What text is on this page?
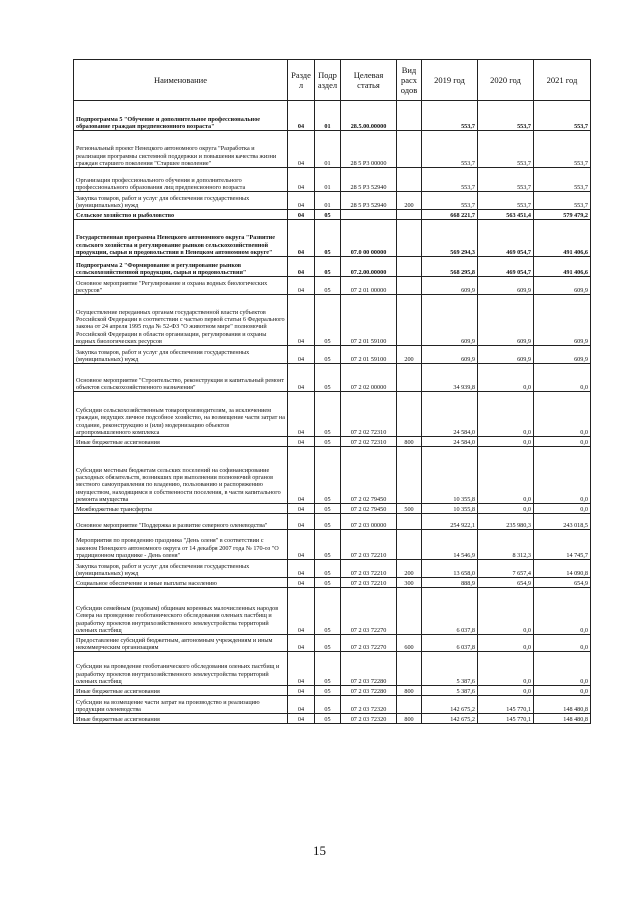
Наименование	Разде л	Подр аздел	Целевая статья	Вид расх одов	2019 год	2020 год	2021 год
Подпрограмма 5 "Обучение и дополнительное профессиональное образование граждан предпенсионного возраста"	04	01	28.5.00.00000		553,7	553,7	553,7
Региональный проект Ненецкого автономного округа "Разработка и реализация программы системной поддержки и повышения качества жизни граждан старшего поколения "Старшее поколение"	04	01	28 5 P3 00000		553,7	553,7	553,7
Организация профессионального обучения и дополнительного профессионального образования лиц предпенсионного возраста	04	01	28 5 P3 52940		553,7	553,7	553,7
Закупка товаров, работ и услуг для обеспечения государственных (муниципальных) нужд	04	01	28 5 P3 52940	200	553,7	553,7	553,7
Сельское хозяйство и рыболовство	04	05			668 221,7	563 451,4	579 479,2
Государственная программа Ненецкого автономного округа "Развитие сельского хозяйства и регулирование рынков сельскохозяйственной продукции, сырья и продовольствия в Ненецком автономном округе"	04	05	07.0 00 00000		569 294,3	469 054,7	491 406,6
Подпрограмма 2 "Формирование и регулирование рынков сельскохозяйственной продукции, сырья и продовольствия"	04	05	07.2.00.00000		568 295,8	469 054,7	491 406,6
Основное мероприятие "Регулирование и охрана водных биологических ресурсов"	04	05	07 2 01 00000		609,9	609,9	609,9
Осуществление переданных органам государственной власти субъектов Российской Федерации в соответствии с частью первой статьи 6 Федерального закона от 24 апреля 1995 года № 52-ФЗ "О животном мире" полномочий Российской Федерации в области организации, регулирования и охраны водных биологических ресурсов	04	05	07 2 01 59100		609,9	609,9	609,9
Закупка товаров, работ и услуг для обеспечения государственных (муниципальных) нужд	04	05	07 2 01 59100	200	609,9	609,9	609,9
Основное мероприятие "Строительство, реконструкция и капитальный ремонт объектов сельскохозяйственного назначения"	04	05	07 2 02 00000		34 939,8	0,0	0,0
Субсидии сельскохозяйственным товаропроизводителям, за исключением граждан, ведущих личное подсобное хозяйство, на возмещение части затрат на создание, реконструкцию и (или) модернизацию объектов агропромышленного комплекса	04	05	07 2 02 72310		24 584,0	0,0	0,0
Иные бюджетные ассигнования	04	05	07 2 02 72310	800	24 584,0	0,0	0,0
Субсидии местным бюджетам сельских поселений на софинансирование расходных обязательств, возникших при выполнении полномочий органов местного самоуправления по владению, пользованию и распоряжению имуществом, находящимся в собственности поселения, в части капитального ремонта имущества	04	05	07 2 02 79450		10 355,8	0,0	0,0
Межбюджетные трансферты	04	05	07 2 02 79450	500	10 355,8	0,0	0,0
Основное мероприятие "Поддержка и развитие северного оленеводства"	04	05	07 2 03 00000		254 922,1	235 980,3	243 018,5
Мероприятия по проведению праздника "День оленя" в соответствии с законом Ненецкого автономного округа от 14 декабря 2007 года № 170-оз "О традиционном празднике - День оленя"	04	05	07 2 03 72210		14 546,9	8 312,3	14 745,7
Закупка товаров, работ и услуг для обеспечения государственных (муниципальных) нужд	04	05	07 2 03 72210	200	13 658,0	7 657,4	14 090,8
Социальное обеспечение и иные выплаты населению	04	05	07 2 03 72210	300	888,9	654,9	654,9
Субсидии семейным (родовым) общинам коренных малочисленных народов Севера на проведение геоботанического обследования оленьих пастбищ и разработку проектов внутрихозяйственного землеустройства территорий оленьих пастбищ	04	05	07 2 03 72270		6 037,8	0,0	0,0
Предоставление субсидий бюджетным, автономным учреждениям и иным некоммерческим организациям	04	05	07 2 03 72270	600	6 037,8	0,0	0,0
Субсидии на проведение геоботанического обследования оленьих пастбищ и разработку проектов внутрихозяйственного землеустройства территорий оленьих пастбищ	04	05	07 2 03 72280		5 387,6	0,0	0,0
Иные бюджетные ассигнования	04	05	07 2 03 72280	800	5 387,6	0,0	0,0
Субсидии на возмещение части затрат на производство и реализацию продукции оленеводства	04	05	07 2 03 72320		142 675,2	145 770,1	148 480,8
Иные бюджетные ассигнования	04	05	07 2 03 72320	800	142 675,2	145 770,1	148 480,8
15
